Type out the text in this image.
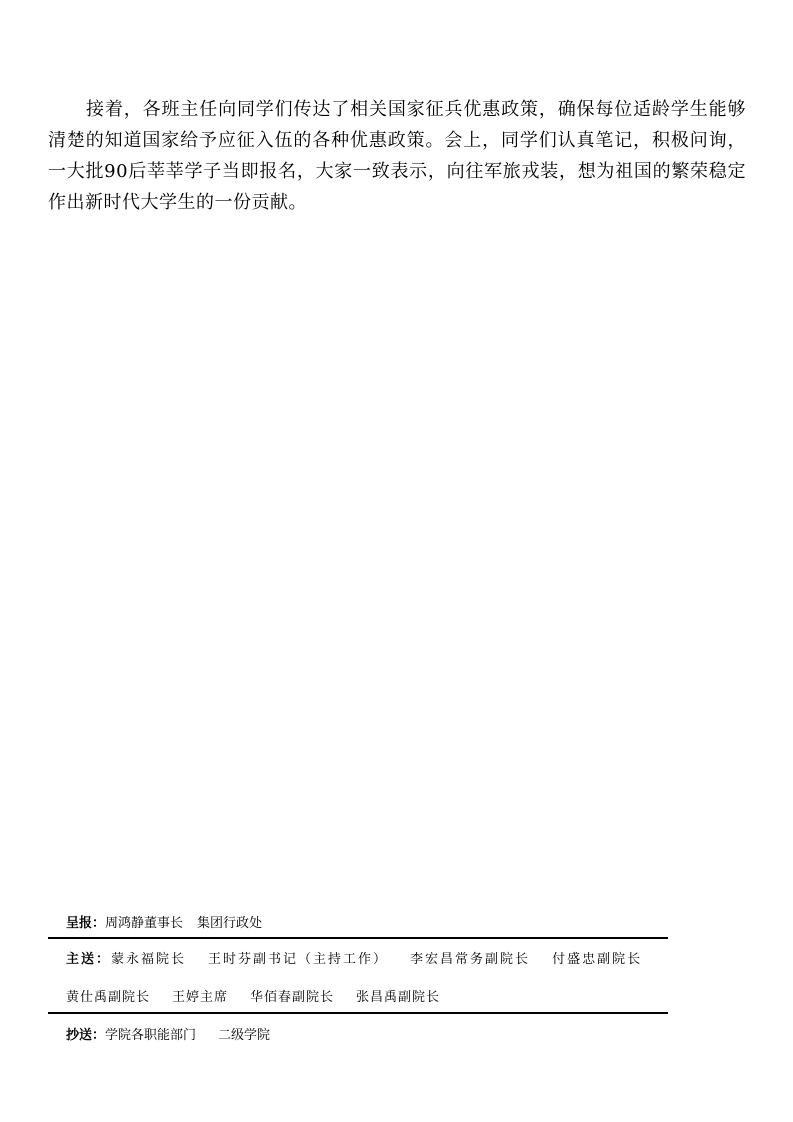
接着，各班主任向同学们传达了相关国家征兵优惠政策，确保每位适龄学生能够清楚的知道国家给予应征入伍的各种优惠政策。会上，同学们认真笔记，积极问询，一大批90后莘莘学子当即报名，大家一致表示，向往军旅戎装，想为祖国的繁荣稳定作出新时代大学生的一份贡献。

呈报：周鸿静董事长 集团行政处
主送：蒙永福院长 王时芬副书记（主持工作） 李宏昌常务副院长 付盛忠副院长
黄仕禹副院长 王婷主席 华佰春副院长 张昌禹副院长
抄送：学院各职能部门 二级学院
